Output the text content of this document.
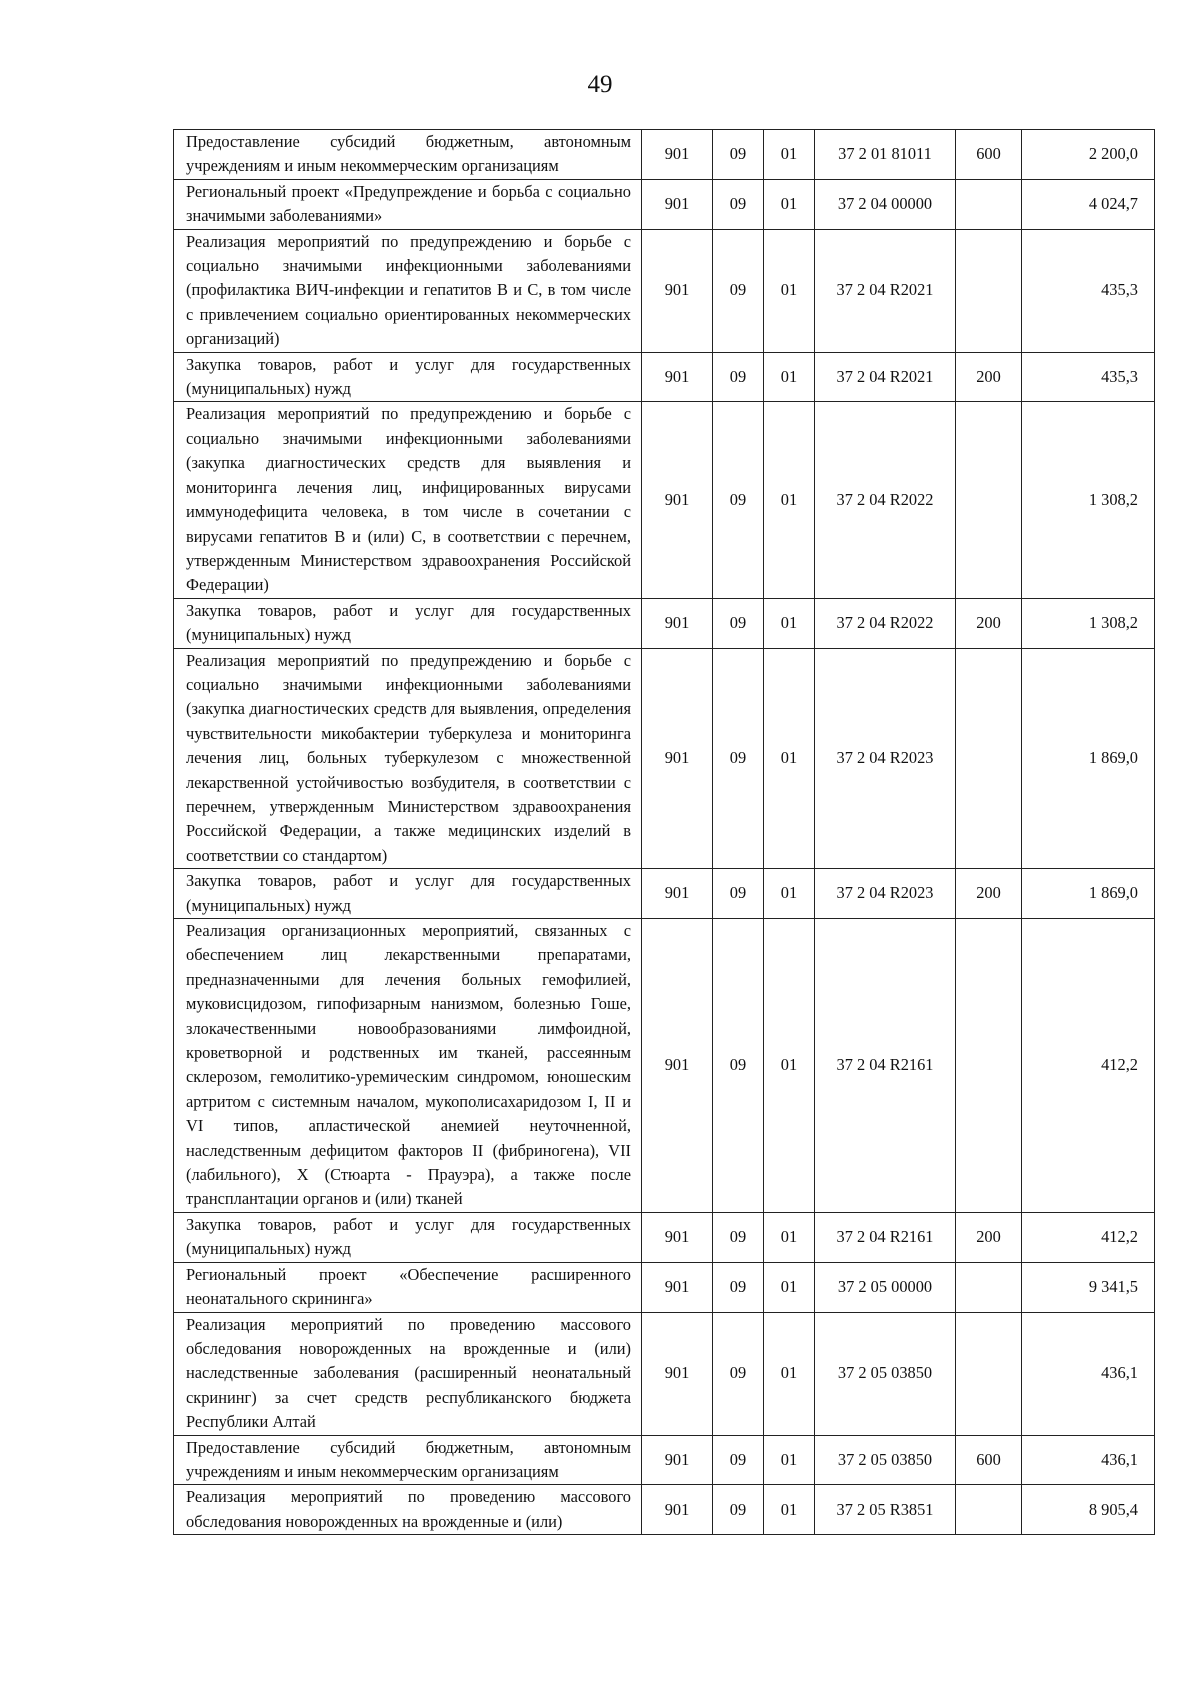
49
Предоставление субсидий бюджетным, автономным учреждениям и иным некоммерческим организациям	901	09	01	37 2 01 81011	600	2 200,0
Региональный проект «Предупреждение и борьба с социально значимыми заболеваниями»	901	09	01	37 2 04 00000		4 024,7
Реализация мероприятий по предупреждению и борьбе с социально значимыми инфекционными заболеваниями (профилактика ВИЧ-инфекции и гепатитов B и C, в том числе с привлечением социально ориентированных некоммерческих организаций)	901	09	01	37 2 04 R2021		435,3
Закупка товаров, работ и услуг для государственных (муниципальных) нужд	901	09	01	37 2 04 R2021	200	435,3
Реализация мероприятий по предупреждению и борьбе с социально значимыми инфекционными заболеваниями (закупка диагностических средств для выявления и мониторинга лечения лиц, инфицированных вирусами иммунодефицита человека, в том числе в сочетании с вирусами гепатитов B и (или) C, в соответствии с перечнем, утвержденным Министерством здравоохранения Российской Федерации)	901	09	01	37 2 04 R2022		1 308,2
Закупка товаров, работ и услуг для государственных (муниципальных) нужд	901	09	01	37 2 04 R2022	200	1 308,2
Реализация мероприятий по предупреждению и борьбе с социально значимыми инфекционными заболеваниями (закупка диагностических средств для выявления, определения чувствительности микобактерии туберкулеза и мониторинга лечения лиц, больных туберкулезом с множественной лекарственной устойчивостью возбудителя, в соответствии с перечнем, утвержденным Министерством здравоохранения Российской Федерации, а также медицинских изделий в соответствии со стандартом)	901	09	01	37 2 04 R2023		1 869,0
Закупка товаров, работ и услуг для государственных (муниципальных) нужд	901	09	01	37 2 04 R2023	200	1 869,0
Реализация организационных мероприятий, связанных с обеспечением лиц лекарственными препаратами, предназначенными для лечения больных гемофилией, муковисцидозом, гипофизарным нанизмом, болезнью Гоше, злокачественными новообразованиями лимфоидной, кроветворной и родственных им тканей, рассеянным склерозом, гемолитико-уремическим синдромом, юношеским артритом с системным началом, мукополисахаридозом I, II и VI типов, апластической анемией неуточненной, наследственным дефицитом факторов II (фибриногена), VII (лабильного), X (Стюарта - Прауэра), а также после трансплантации органов и (или) тканей	901	09	01	37 2 04 R2161		412,2
Закупка товаров, работ и услуг для государственных (муниципальных) нужд	901	09	01	37 2 04 R2161	200	412,2
Региональный проект «Обеспечение расширенного неонатального скрининга»	901	09	01	37 2 05 00000		9 341,5
Реализация мероприятий по проведению массового обследования новорожденных на врожденные и (или) наследственные заболевания (расширенный неонатальный скрининг) за счет средств республиканского бюджета Республики Алтай	901	09	01	37 2 05 03850		436,1
Предоставление субсидий бюджетным, автономным учреждениям и иным некоммерческим организациям	901	09	01	37 2 05 03850	600	436,1
Реализация мероприятий по проведению массового обследования новорожденных на врожденные и (или)	901	09	01	37 2 05 R3851		8 905,4
